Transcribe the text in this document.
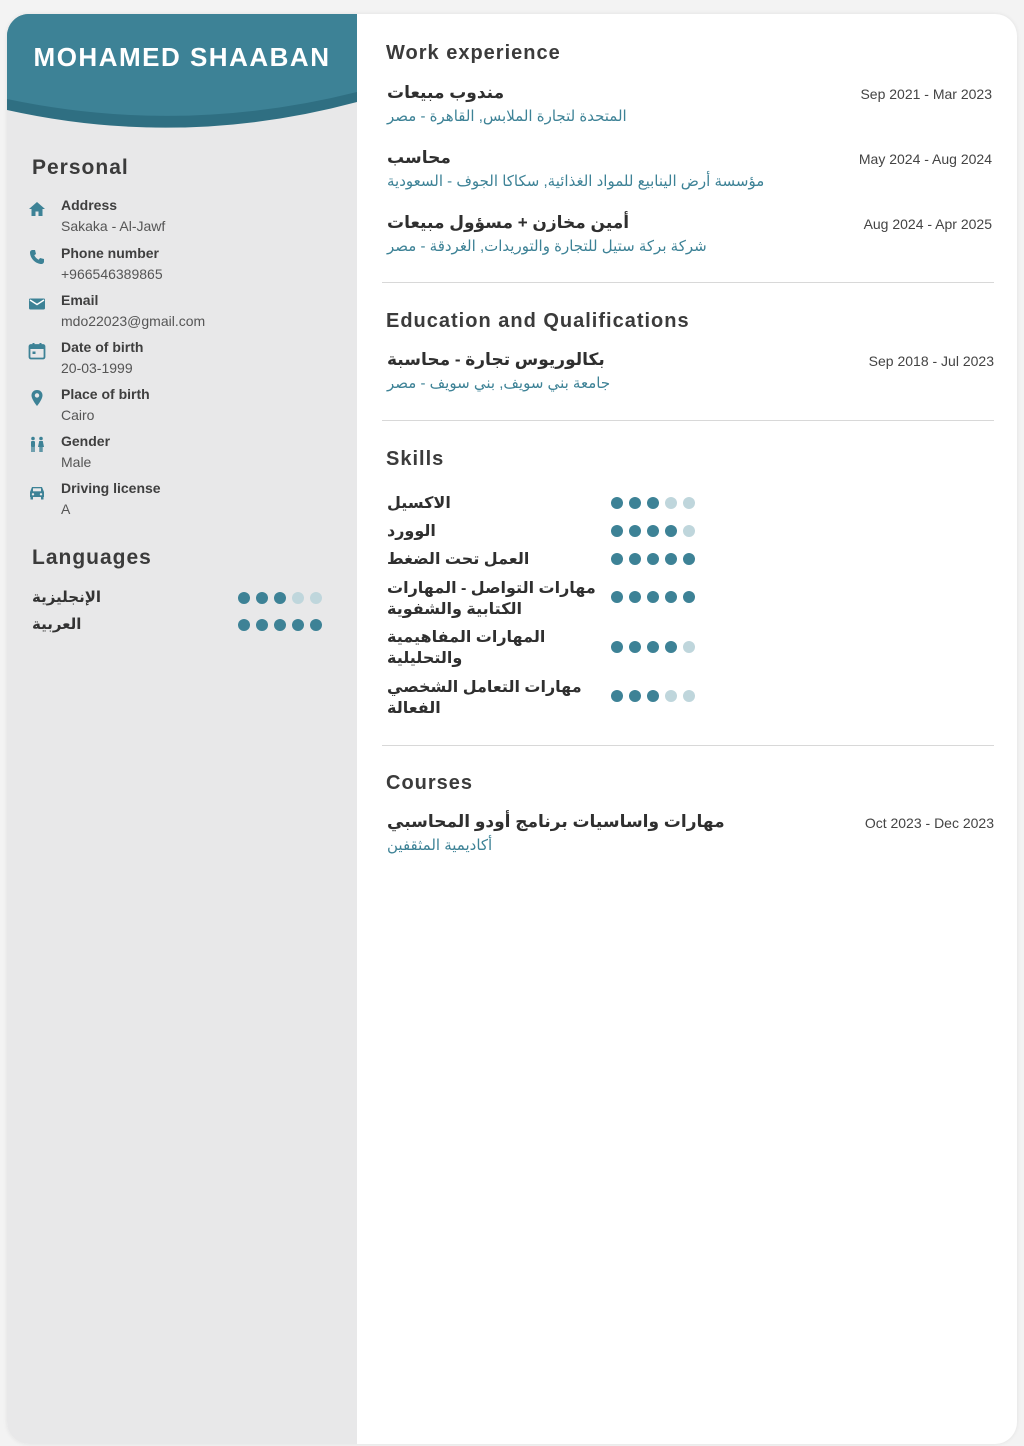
MOHAMED SHAABAN
Personal
Address
Sakaka - Al-Jawf
Phone number
+966546389865
Email
mdo22023@gmail.com
Date of birth
20-03-1999
Place of birth
Cairo
Gender
Male
Driving license
A
Languages
الإنجليزية
العربية
Work experience
مندوب مبيعات
المتحدة لتجارة الملابس, القاهرة - مصر
Sep 2021 - Mar 2023
محاسب
مؤسسة أرض الينابيع للمواد الغذائية, سكاكا الجوف - السعودية
May 2024 - Aug 2024
أمين مخازن + مسؤول مبيعات
شركة بركة ستيل للتجارة والتوريدات, الغردقة - مصر
Aug 2024 - Apr 2025
Education and Qualifications
بكالوريوس تجارة - محاسبة
جامعة بني سويف, بني سويف - مصر
Sep 2018 - Jul 2023
Skills
الاكسيل
الوورد
العمل تحت الضغط
مهارات التواصل - المهارات الكتابية والشفوية
المهارات المفاهيمية والتحليلية
مهارات التعامل الشخصي الفعالة
Courses
مهارات واساسيات برنامج أودو المحاسبي
أكاديمية المثقفين
Oct 2023 - Dec 2023
